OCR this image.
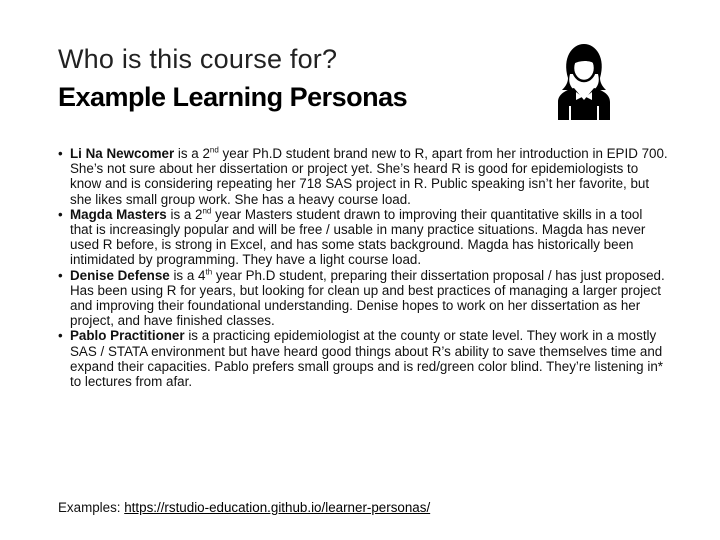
Who is this course for?
Example Learning Personas
• Li Na Newcomer is a 2nd year Ph.D student brand new to R, apart from her introduction in EPID 700. She’s not sure about her dissertation or project yet. She’s heard R is good for epidemiologists to know and is considering repeating her 718 SAS project in R. Public speaking isn’t her favorite, but she likes small group work. She has a heavy course load.
• Magda Masters is a 2nd year Masters student drawn to improving their quantitative skills in a tool that is increasingly popular and will be free / usable in many practice situations. Magda has never used R before, is strong in Excel, and has some stats background. Magda has historically been intimidated by programming. They have a light course load.
• Denise Defense is a 4th year Ph.D student, preparing their dissertation proposal / has just proposed. Has been using R for years, but looking for clean up and best practices of managing a larger project and improving their foundational understanding. Denise hopes to work on her dissertation as her project, and have finished classes.
• Pablo Practitioner is a practicing epidemiologist at the county or state level. They work in a mostly SAS / STATA environment but have heard good things about R’s ability to save themselves time and expand their capacities. Pablo prefers small groups and is red/green color blind. They’re listening in* to lectures from afar.
Examples: https://rstudio-education.github.io/learner-personas/
